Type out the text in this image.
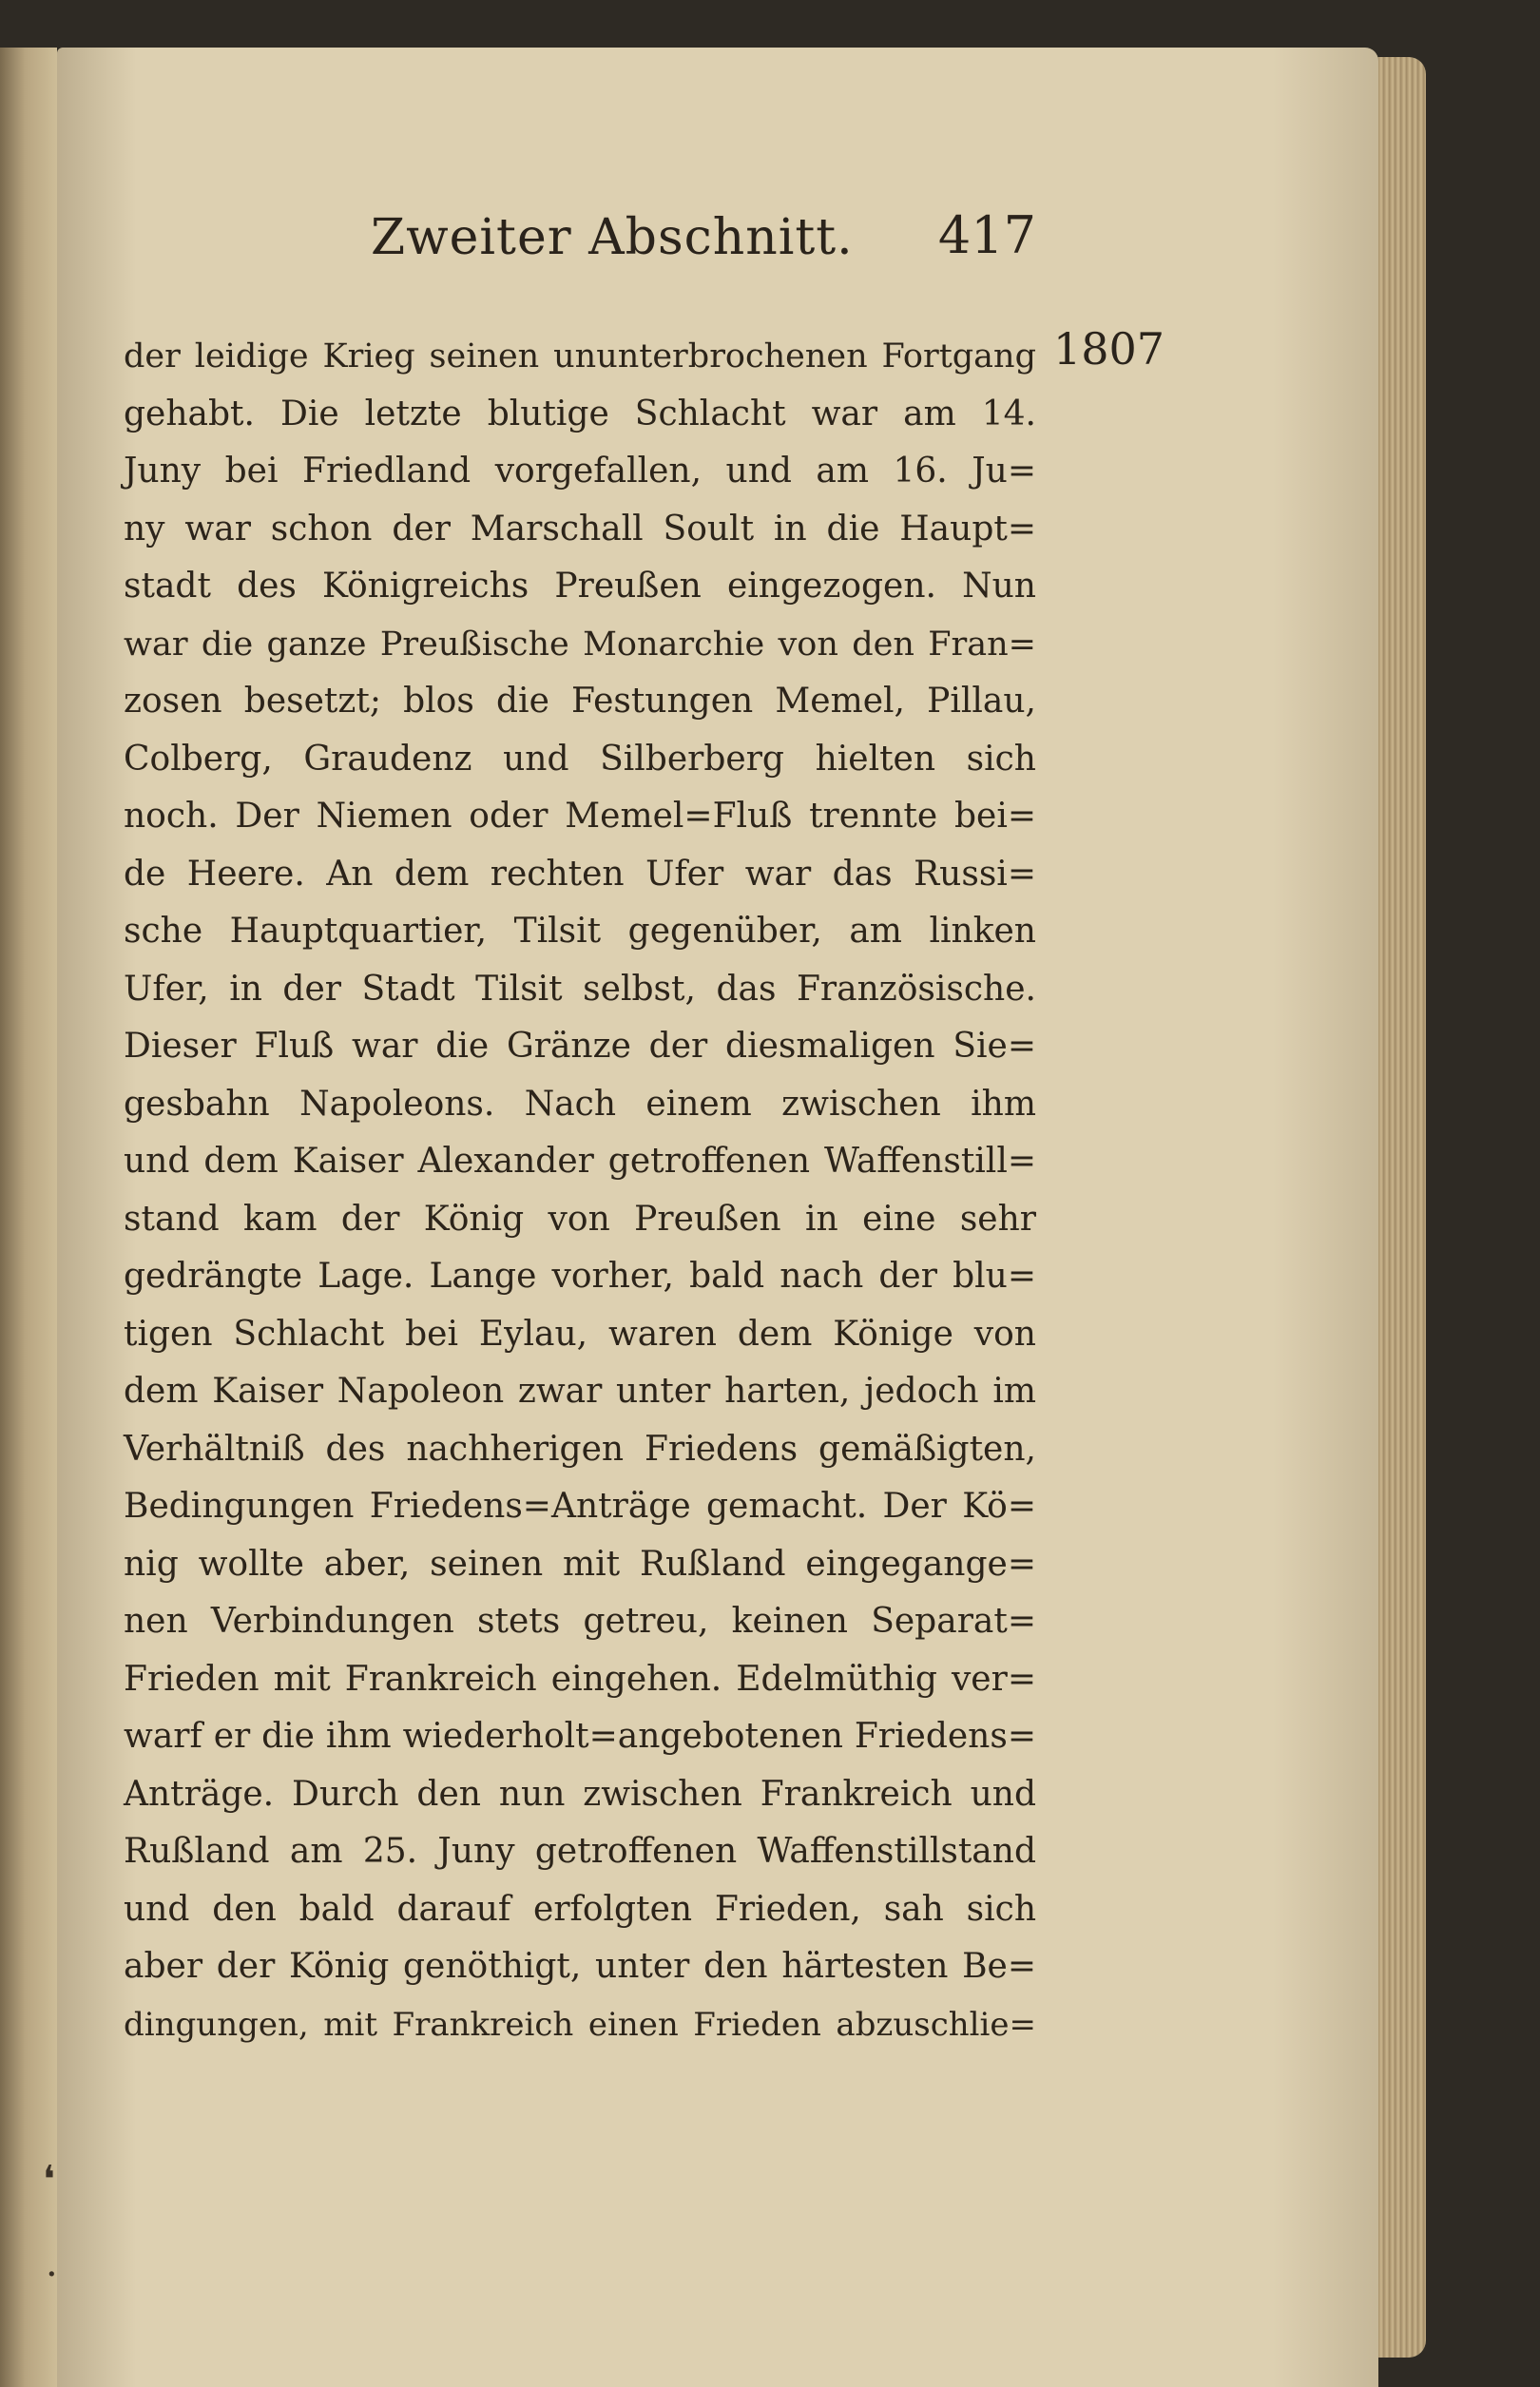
Zweiter Abschnitt. 417
1807
der leidige Krieg seinen ununterbrochenen Fortgang
gehabt. Die letzte blutige Schlacht war am 14.
Juny bei Friedland vorgefallen, und am 16. Ju=
ny war schon der Marschall Soult in die Haupt=
stadt des Königreichs Preußen eingezogen. Nun
war die ganze Preußische Monarchie von den Fran=
zosen besetzt; blos die Festungen Memel, Pillau,
Colberg, Graudenz und Silberberg hielten sich
noch. Der Niemen oder Memel=Fluß trennte bei=
de Heere. An dem rechten Ufer war das Russi=
sche Hauptquartier, Tilsit gegenüber, am linken
Ufer, in der Stadt Tilsit selbst, das Französische.
Dieser Fluß war die Gränze der diesmaligen Sie=
gesbahn Napoleons. Nach einem zwischen ihm
und dem Kaiser Alexander getroffenen Waffenstill=
stand kam der König von Preußen in eine sehr
gedrängte Lage. Lange vorher, bald nach der blu=
tigen Schlacht bei Eylau, waren dem Könige von
dem Kaiser Napoleon zwar unter harten, jedoch im
Verhältniß des nachherigen Friedens gemäßigten,
Bedingungen Friedens=Anträge gemacht. Der Kö=
nig wollte aber, seinen mit Rußland eingegange=
nen Verbindungen stets getreu, keinen Separat=
Frieden mit Frankreich eingehen. Edelmüthig ver=
warf er die ihm wiederholt=angebotenen Friedens=
Anträge. Durch den nun zwischen Frankreich und
Rußland am 25. Juny getroffenen Waffenstillstand
und den bald darauf erfolgten Frieden, sah sich
aber der König genöthigt, unter den härtesten Be=
dingungen, mit Frankreich einen Frieden abzuschlie=
❛
·
